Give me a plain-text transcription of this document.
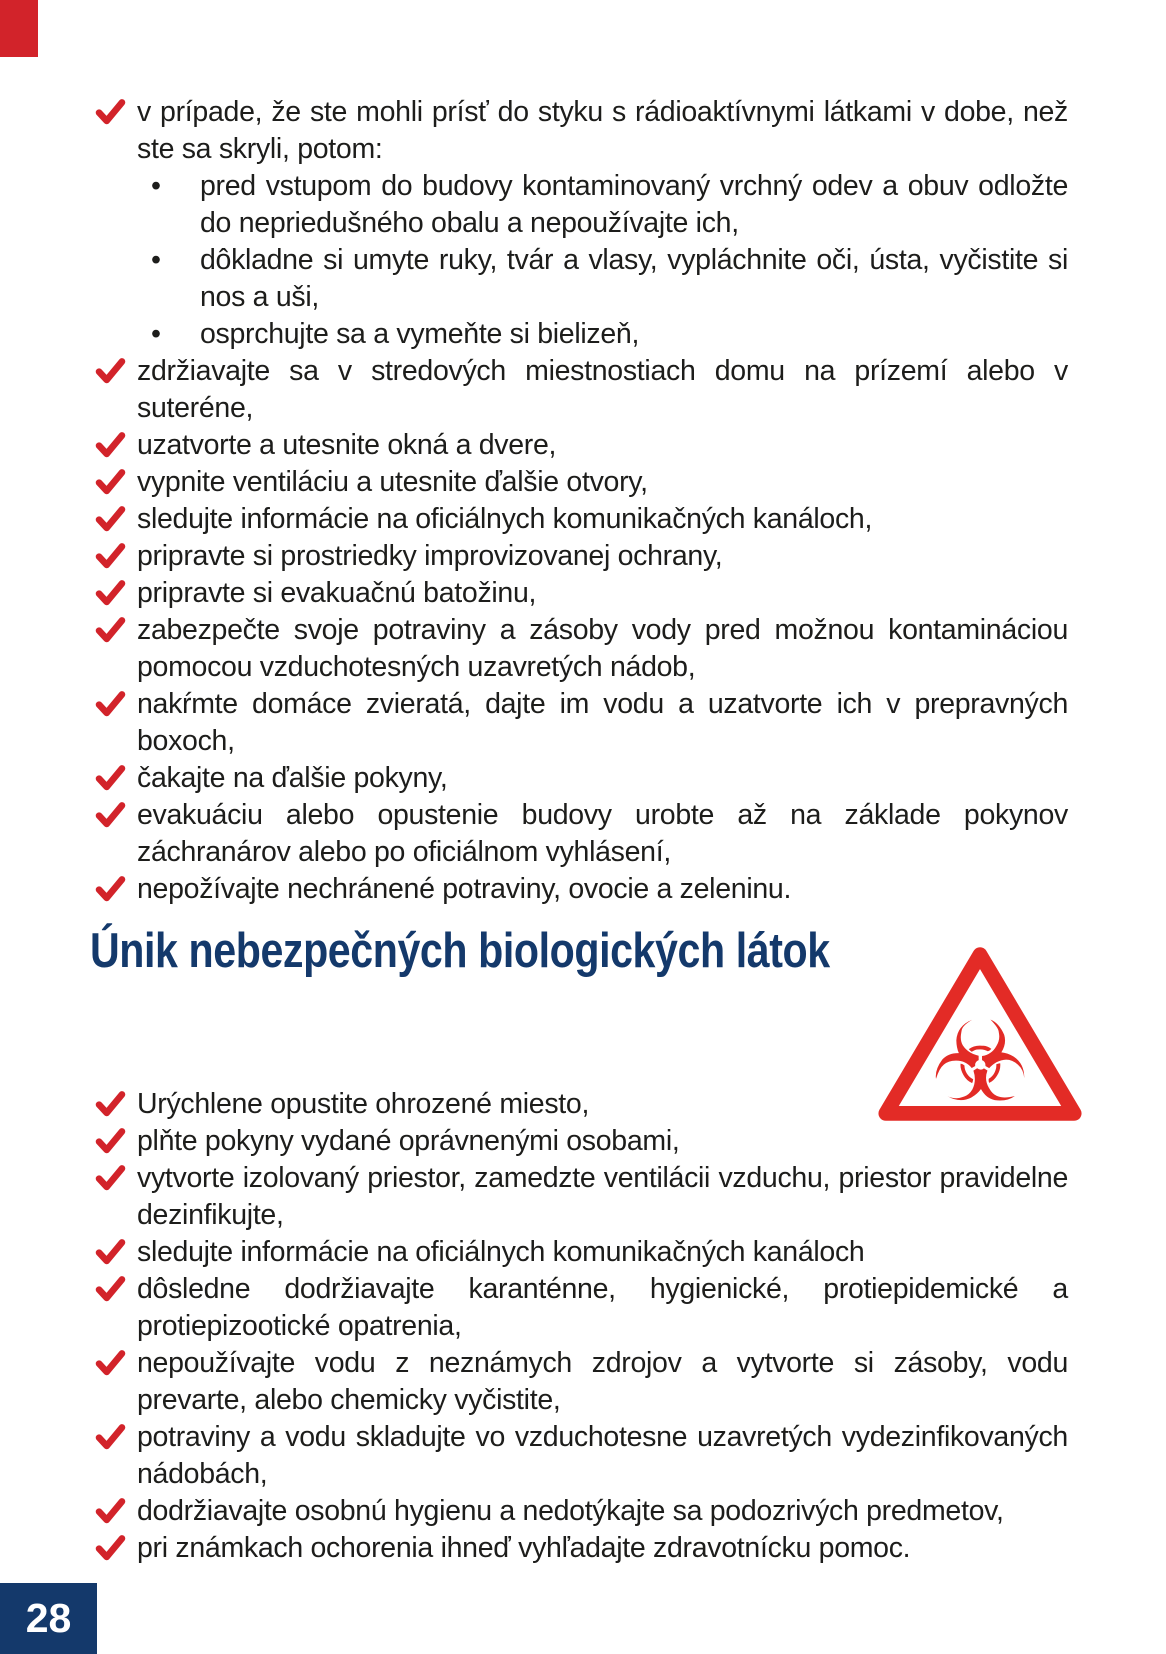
v prípade, že ste mohli prísť do styku s rádioaktívnymi látkami v dobe, než ste sa skryli, potom:
•	pred vstupom do budovy kontaminovaný vrchný odev a obuv odložte do nepriedušného obalu a nepoužívajte ich,
•	dôkladne si umyte ruky, tvár a vlasy, vypláchnite oči, ústa, vyčistite si nos a uši,
•	osprchujte sa a vymeňte si bielizeň,
zdržiavajte sa v stredových miestnostiach domu na prízemí alebo v suteréne,
uzatvorte a utesnite okná a dvere,
vypnite ventiláciu a utesnite ďalšie otvory,
sledujte informácie na oficiálnych komunikačných kanáloch,
pripravte si prostriedky improvizovanej ochrany,
pripravte si evakuačnú batožinu,
zabezpečte svoje potraviny a zásoby vody pred možnou kontamináciou pomocou vzduchotesných uzavretých nádob,
nakŕmte domáce zvieratá, dajte im vodu a uzatvorte ich v prepravných boxoch,
čakajte na ďalšie pokyny,
evakuáciu alebo opustenie budovy urobte až na základe pokynov záchranárov alebo po oficiálnom vyhlásení,
nepožívajte nechránené potraviny, ovocie a zeleninu.
Únik nebezpečných biologických látok
☣
Urýchlene opustite ohrozené miesto,
plňte pokyny vydané oprávnenými osobami,
vytvorte izolovaný priestor, zamedzte ventilácii vzduchu, priestor pravidelne dezinfikujte,
sledujte informácie na oficiálnych komunikačných kanáloch
dôsledne dodržiavajte karanténne, hygienické, protiepidemické a protiepizootické opatrenia,
nepoužívajte vodu z neznámych zdrojov a vytvorte si zásoby, vodu prevarte, alebo chemicky vyčistite,
potraviny a vodu skladujte vo vzduchotesne uzavretých vydezinfikovaných nádobách,
dodržiavajte osobnú hygienu a nedotýkajte sa podozrivých predmetov,
pri známkach ochorenia ihneď vyhľadajte zdravotnícku pomoc.
28
